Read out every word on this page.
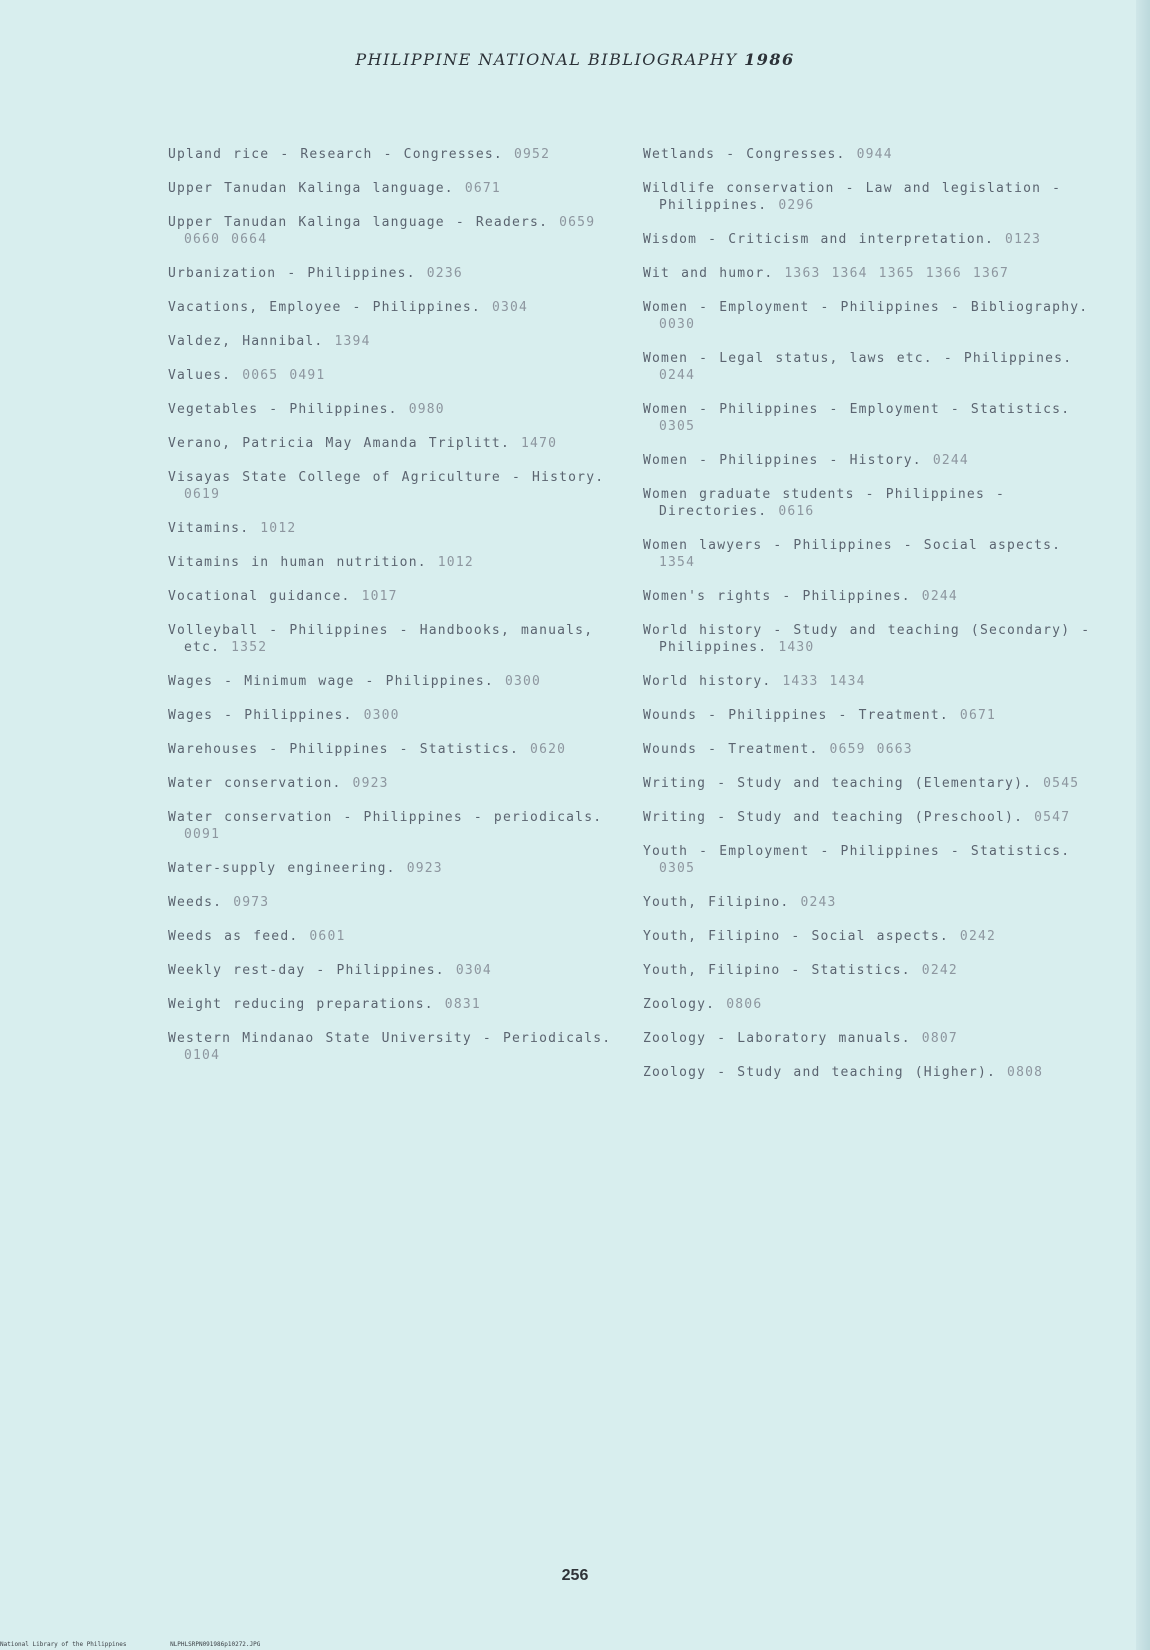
PHILIPPINE NATIONAL BIBLIOGRAPHY 1986
Upland rice - Research - Congresses. 0952
Upper Tanudan Kalinga language. 0671
Upper Tanudan Kalinga language - Readers. 0659 0660 0664
Urbanization - Philippines. 0236
Vacations, Employee - Philippines. 0304
Valdez, Hannibal. 1394
Values. 0065 0491
Vegetables - Philippines. 0980
Verano, Patricia May Amanda Triplitt. 1470
Visayas State College of Agriculture - History. 0619
Vitamins. 1012
Vitamins in human nutrition. 1012
Vocational guidance. 1017
Volleyball - Philippines - Handbooks, manuals, etc. 1352
Wages - Minimum wage - Philippines. 0300
Wages - Philippines. 0300
Warehouses - Philippines - Statistics. 0620
Water conservation. 0923
Water conservation - Philippines - periodicals. 0091
Water-supply engineering. 0923
Weeds. 0973
Weeds as feed. 0601
Weekly rest-day - Philippines. 0304
Weight reducing preparations. 0831
Western Mindanao State University - Periodicals. 0104
Wetlands - Congresses. 0944
Wildlife conservation - Law and legislation - Philippines. 0296
Wisdom - Criticism and interpretation. 0123
Wit and humor. 1363 1364 1365 1366 1367
Women - Employment - Philippines - Bibliography. 0030
Women - Legal status, laws etc. - Philippines. 0244
Women - Philippines - Employment - Statistics. 0305
Women - Philippines - History. 0244
Women graduate students - Philippines - Directories. 0616
Women lawyers - Philippines - Social aspects. 1354
Women's rights - Philippines. 0244
World history - Study and teaching (Secondary) - Philippines. 1430
World history. 1433 1434
Wounds - Philippines - Treatment. 0671
Wounds - Treatment. 0659 0663
Writing - Study and teaching (Elementary). 0545
Writing - Study and teaching (Preschool). 0547
Youth - Employment - Philippines - Statistics. 0305
Youth, Filipino. 0243
Youth, Filipino - Social aspects. 0242
Youth, Filipino - Statistics. 0242
Zoology. 0806
Zoology - Laboratory manuals. 0807
Zoology - Study and teaching (Higher). 0808
256
National Library of the Philippines	NLPHLSRPN091986p10272.JPG
